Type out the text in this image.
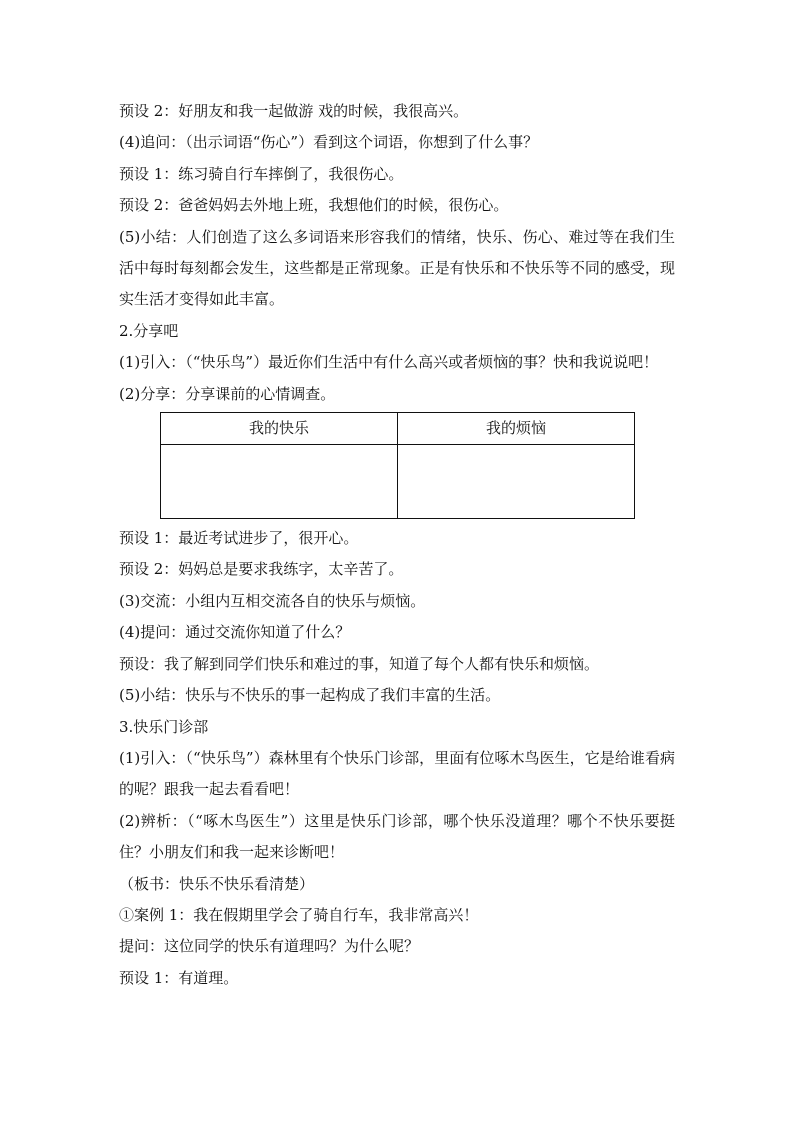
预设 2：好朋友和我一起做游 戏的时候，我很高兴。

(4)追问：（出示词语“伤心”）看到这个词语，你想到了什么事？

预设 1：练习骑自行车摔倒了，我很伤心。

预设 2：爸爸妈妈去外地上班，我想他们的时候，很伤心。

(5)小结：人们创造了这么多词语来形容我们的情绪，快乐、伤心、难过等在我们生活中每时每刻都会发生，这些都是正常现象。正是有快乐和不快乐等不同的感受，现实生活才变得如此丰富。

2.分享吧

(1)引入：（“快乐鸟”）最近你们生活中有什么高兴或者烦恼的事？快和我说说吧！

(2)分享：分享课前的心情调查。

我的快乐	我的烦恼

预设 1：最近考试进步了，很开心。

预设 2：妈妈总是要求我练字，太辛苦了。

(3)交流：小组内互相交流各自的快乐与烦恼。

(4)提问：通过交流你知道了什么？

预设：我了解到同学们快乐和难过的事，知道了每个人都有快乐和烦恼。

(5)小结：快乐与不快乐的事一起构成了我们丰富的生活。

3.快乐门诊部

(1)引入：（“快乐鸟”）森林里有个快乐门诊部，里面有位啄木鸟医生，它是给谁看病的呢？跟我一起去看看吧！

(2)辨析：（“啄木鸟医生”）这里是快乐门诊部，哪个快乐没道理？哪个不快乐要挺住？小朋友们和我一起来诊断吧！

（板书：快乐不快乐看清楚）

①案例 1：我在假期里学会了骑自行车，我非常高兴！

提问：这位同学的快乐有道理吗？为什么呢？

预设 1：有道理。
